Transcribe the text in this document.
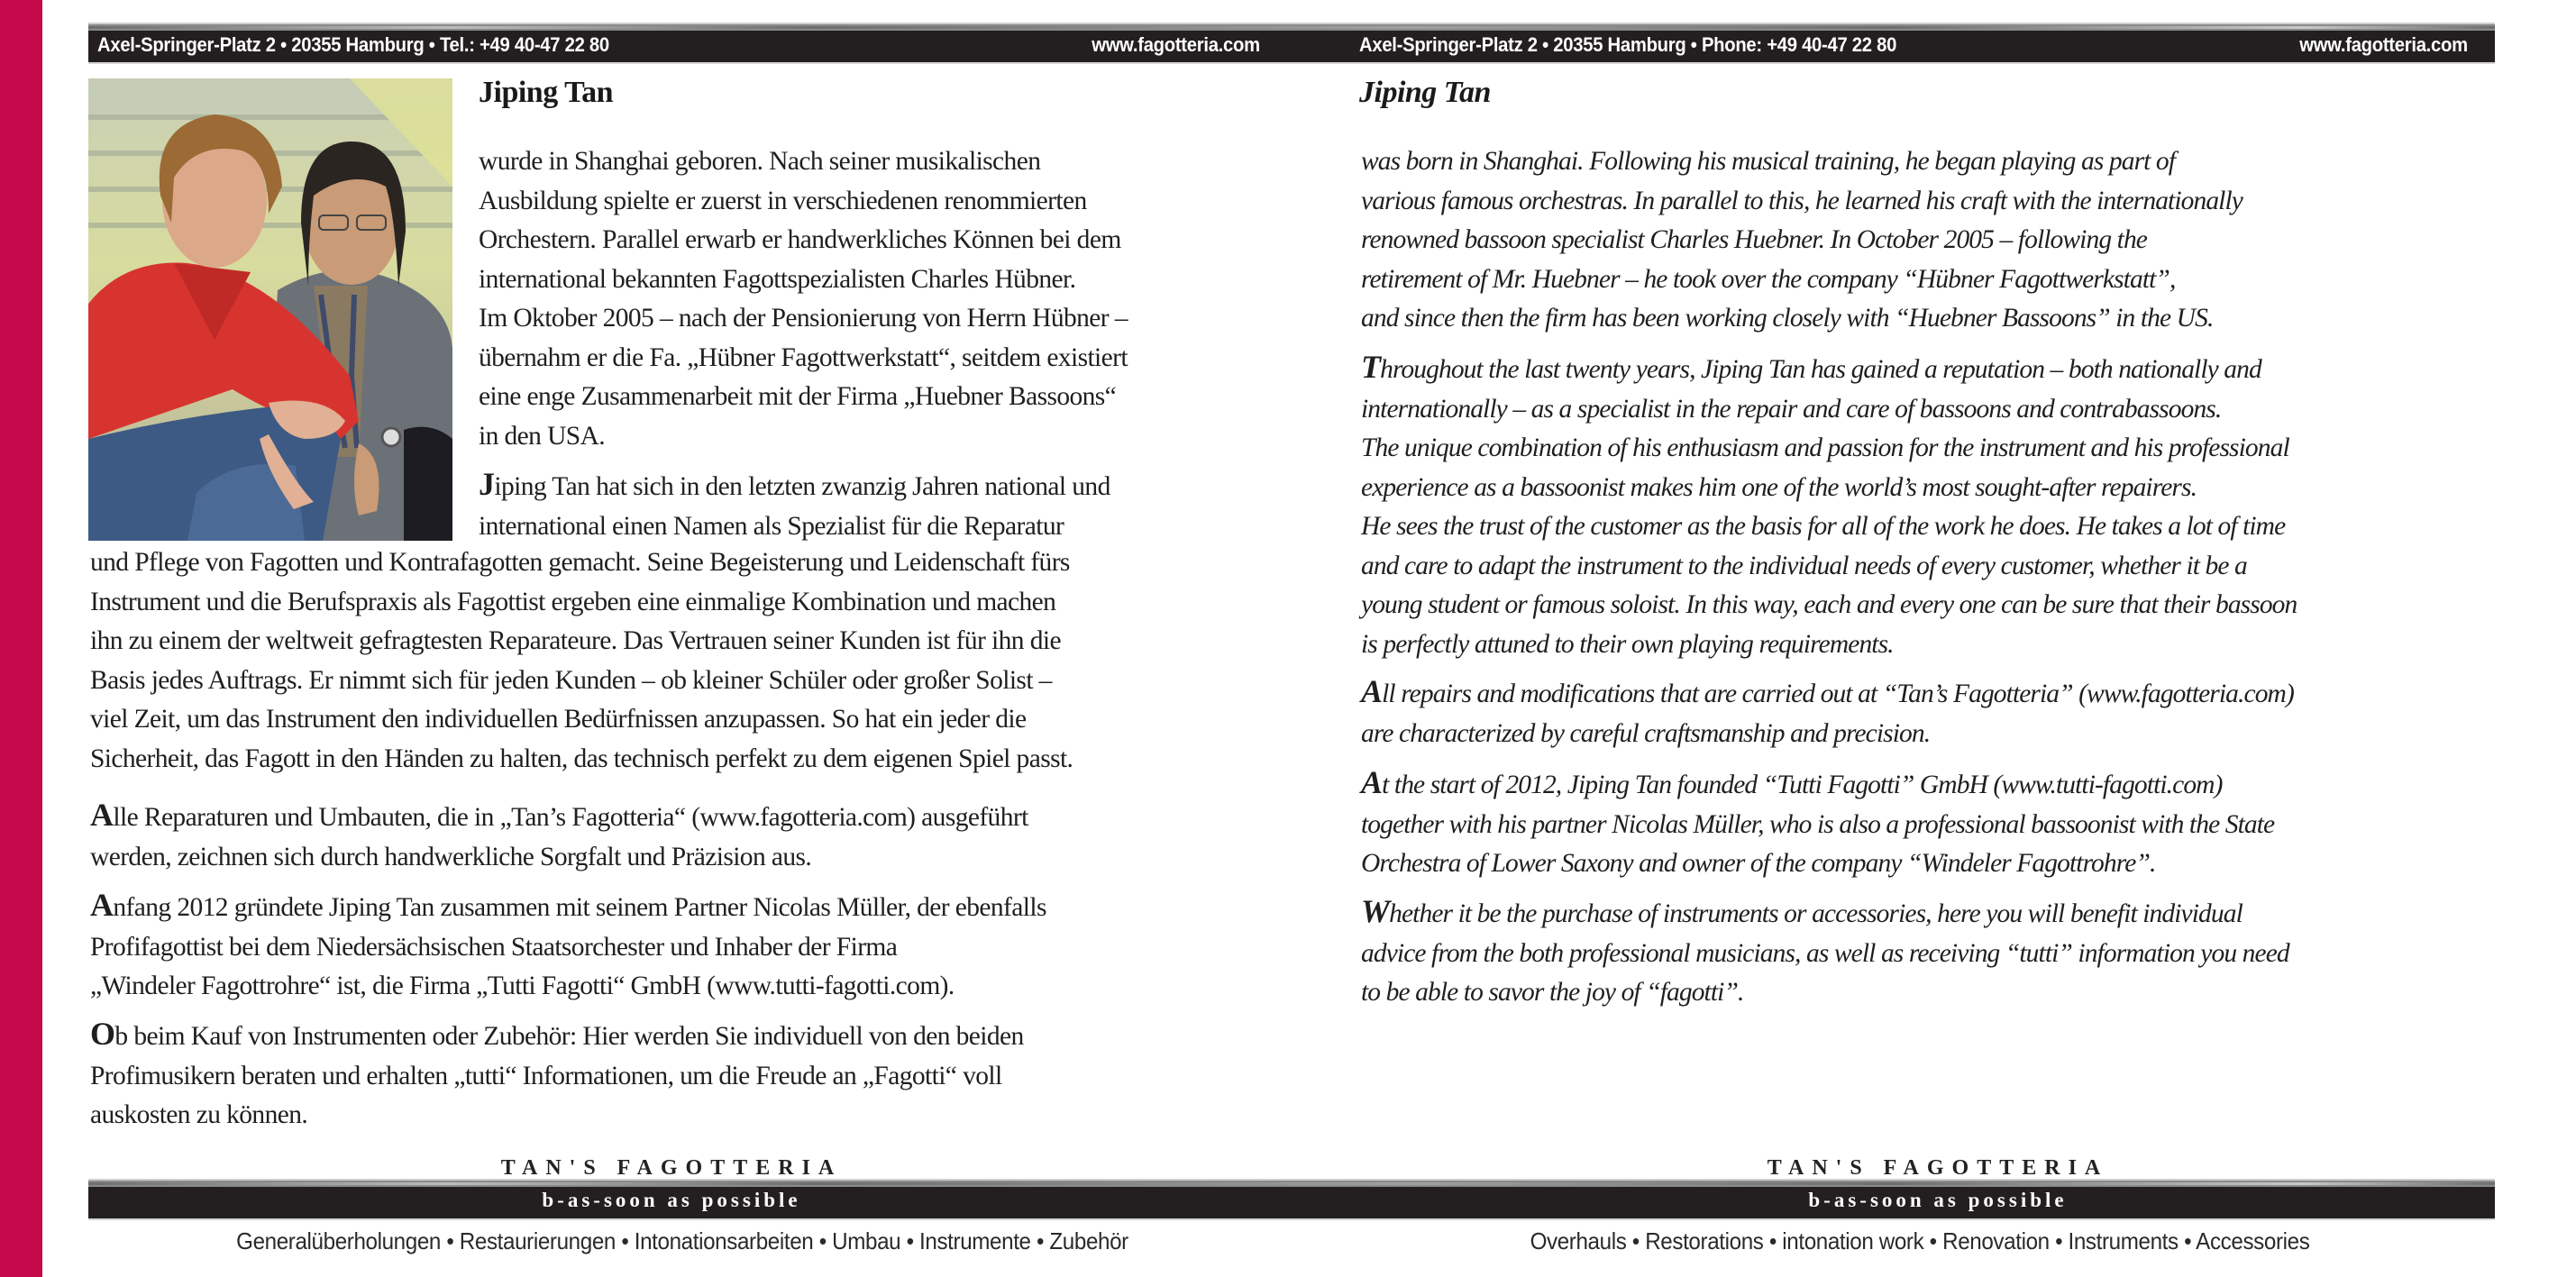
Axel-Springer-Platz 2 • 20355 Hamburg • Tel.: +49 40-47 22 80	www.fagotteria.com	Axel-Springer-Platz 2 • 20355 Hamburg • Phone: +49 40-47 22 80	www.fagotteria.com
Jiping Tan
wurde in Shanghai geboren. Nach seiner musikalischen
Ausbildung spielte er zuerst in verschiedenen renommierten
Orchestern. Parallel erwarb er handwerkliches Können bei dem
international bekannten Fagottspezialisten Charles Hübner.
Im Oktober 2005 – nach der Pensionierung von Herrn Hübner –
übernahm er die Fa. „Hübner Fagottwerkstatt“, seitdem existiert
eine enge Zusammenarbeit mit der Firma „Huebner Bassoons“
in den USA.
Jiping Tan hat sich in den letzten zwanzig Jahren national und
international einen Namen als Spezialist für die Reparatur
und Pflege von Fagotten und Kontrafagotten gemacht. Seine Begeisterung und Leidenschaft fürs
Instrument und die Berufspraxis als Fagottist ergeben eine einmalige Kombination und machen
ihn zu einem der weltweit gefragtesten Reparateure. Das Vertrauen seiner Kunden ist für ihn die
Basis jedes Auftrags. Er nimmt sich für jeden Kunden – ob kleiner Schüler oder großer Solist –
viel Zeit, um das Instrument den individuellen Bedürfnissen anzupassen. So hat ein jeder die
Sicherheit, das Fagott in den Händen zu halten, das technisch perfekt zu dem eigenen Spiel passt.
Alle Reparaturen und Umbauten, die in „Tan’s Fagotteria“ (www.fagotteria.com) ausgeführt
werden, zeichnen sich durch handwerkliche Sorgfalt und Präzision aus.
Anfang 2012 gründete Jiping Tan zusammen mit seinem Partner Nicolas Müller, der ebenfalls
Profifagottist bei dem Niedersächsischen Staatsorchester und Inhaber der Firma
„Windeler Fagottrohre“ ist, die Firma „Tutti Fagotti“ GmbH (www.tutti-fagotti.com).
Ob beim Kauf von Instrumenten oder Zubehör: Hier werden Sie individuell von den beiden
Profimusikern beraten und erhalten „tutti“ Informationen, um die Freude an „Fagotti“ voll
auskosten zu können.
Jiping Tan
was born in Shanghai. Following his musical training, he began playing as part of
various famous orchestras. In parallel to this, he learned his craft with the internationally
renowned bassoon specialist Charles Huebner. In October 2005 – following the
retirement of Mr. Huebner – he took over the company “Hübner Fagottwerkstatt”,
and since then the firm has been working closely with “Huebner Bassoons” in the US.
Throughout the last twenty years, Jiping Tan has gained a reputation – both nationally and
internationally – as a specialist in the repair and care of bassoons and contrabassoons.
The unique combination of his enthusiasm and passion for the instrument and his professional
experience as a bassoonist makes him one of the world’s most sought-after repairers.
He sees the trust of the customer as the basis for all of the work he does. He takes a lot of time
and care to adapt the instrument to the individual needs of every customer, whether it be a
young student or famous soloist. In this way, each and every one can be sure that their bassoon
is perfectly attuned to their own playing requirements.
All repairs and modifications that are carried out at “Tan’s Fagotteria” (www.fagotteria.com)
are characterized by careful craftsmanship and precision.
At the start of 2012, Jiping Tan founded “Tutti Fagotti” GmbH (www.tutti-fagotti.com)
together with his partner Nicolas Müller, who is also a professional bassoonist with the State
Orchestra of Lower Saxony and owner of the company “Windeler Fagottrohre”.
Whether it be the purchase of instruments or accessories, here you will benefit individual
advice from the both professional musicians, as well as receiving “tutti” information you need
to be able to savor the joy of “fagotti”.
TAN'S FAGOTTERIA	TAN'S FAGOTTERIA
b-as-soon as possible	b-as-soon as possible
Generalüberholungen • Restaurierungen • Intonationsarbeiten • Umbau • Instrumente • Zubehör	Overhauls • Restorations • intonation work • Renovation • Instruments • Accessories
